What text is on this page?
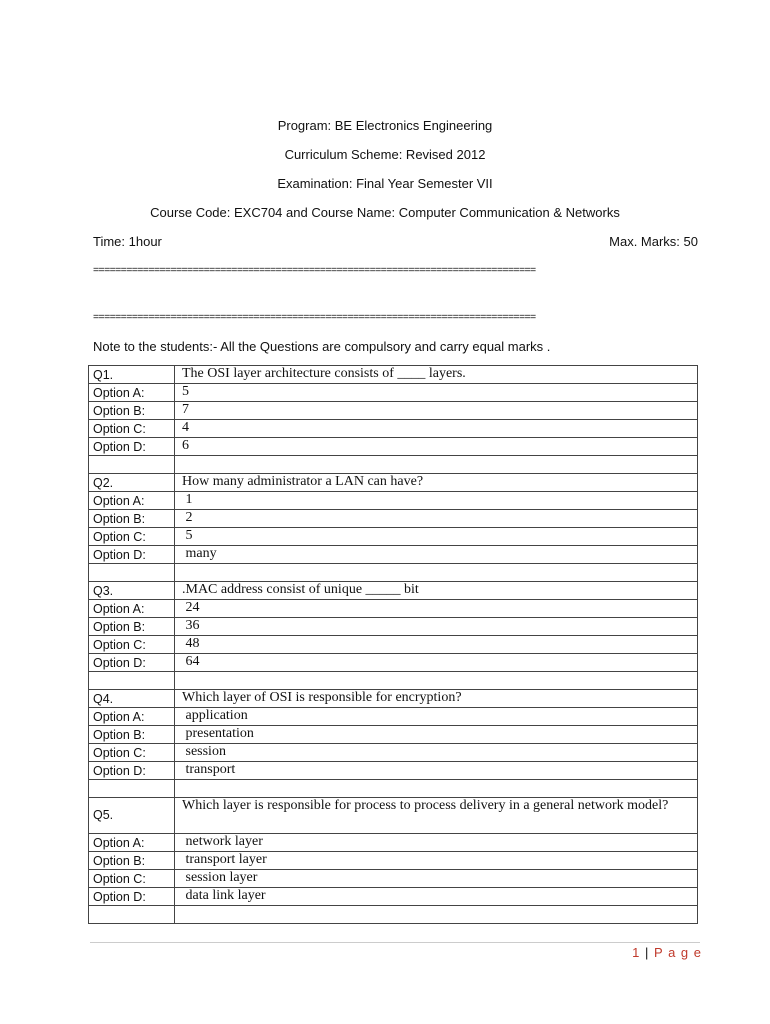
Program: BE Electronics Engineering
Curriculum Scheme: Revised 2012
Examination: Final Year Semester VII
Course Code: EXC704 and Course Name: Computer Communication & Networks
Time: 1hour	Max. Marks: 50
================================================================================
================================================================================
Note to the students:- All the Questions are compulsory and carry equal marks .
Q1.	The OSI layer architecture consists of ____ layers.
Option A:	5
Option B:	7
Option C:	4
Option D:	6

Q2.	How many administrator a LAN can have?
Option A:	1
Option B:	2
Option C:	5
Option D:	many

Q3.	.MAC address consist of unique _____ bit
Option A:	24
Option B:	36
Option C:	48
Option D:	64

Q4.	Which layer of OSI is responsible for encryption?
Option A:	application
Option B:	presentation
Option C:	session
Option D:	transport

Q5.	Which layer is responsible for process to process delivery in a general network model?
Option A:	network layer
Option B:	transport layer
Option C:	session layer
Option D:	data link layer

1 | P a g e
